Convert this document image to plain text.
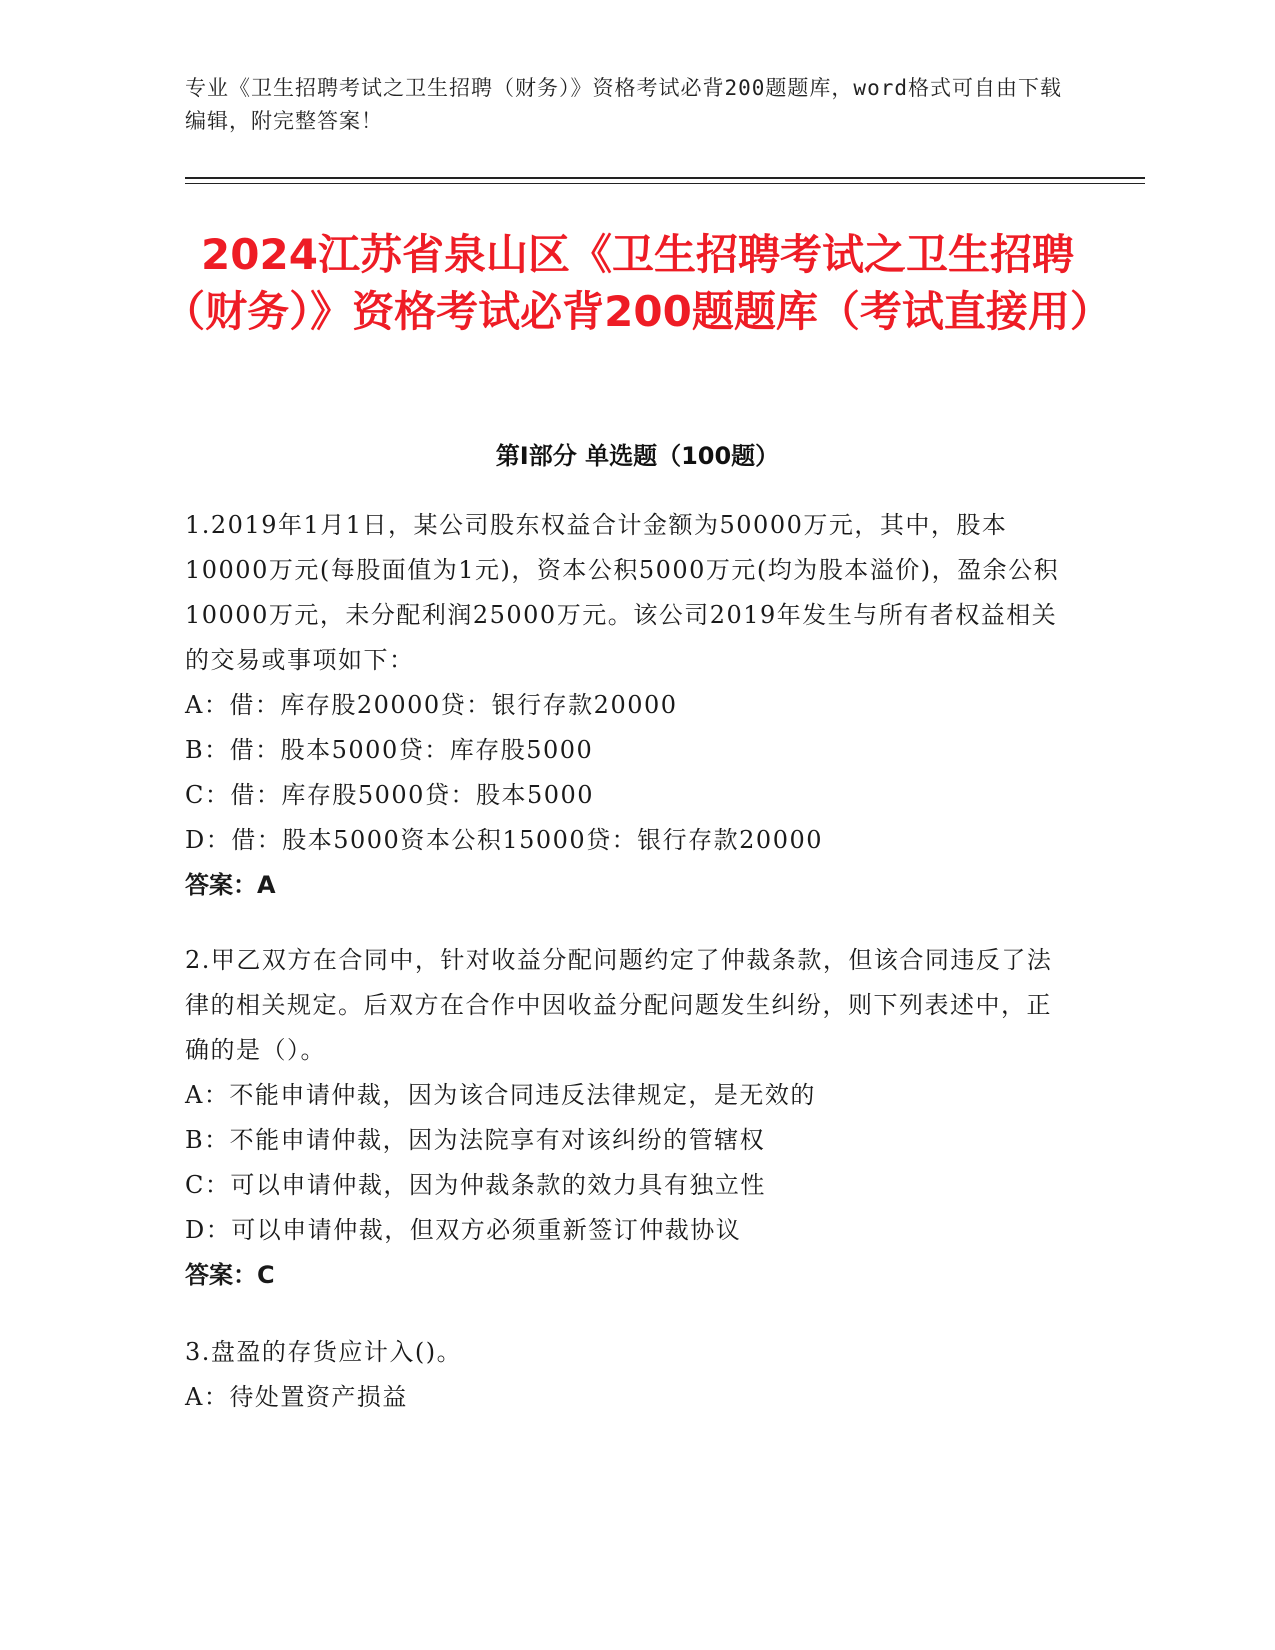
专业《卫生招聘考试之卫生招聘（财务）》资格考试必背200题题库，word格式可自由下载编辑，附完整答案！
2024江苏省泉山区《卫生招聘考试之卫生招聘（财务）》资格考试必背200题题库（考试直接用）
第Ⅰ部分 单选题（100题）

1.2019年1月1日，某公司股东权益合计金额为50000万元，其中，股本10000万元(每股面值为1元)，资本公积5000万元(均为股本溢价)，盈余公积10000万元，未分配利润25000万元。该公司2019年发生与所有者权益相关的交易或事项如下：

A：借：库存股20000贷：银行存款20000

B：借：股本5000贷：库存股5000

C：借：库存股5000贷：股本5000

D：借：股本5000资本公积15000贷：银行存款20000

答案：A

2.甲乙双方在合同中，针对收益分配问题约定了仲裁条款，但该合同违反了法律的相关规定。后双方在合作中因收益分配问题发生纠纷，则下列表述中，正确的是（）。

A：不能申请仲裁，因为该合同违反法律规定，是无效的

B：不能申请仲裁，因为法院享有对该纠纷的管辖权

C：可以申请仲裁，因为仲裁条款的效力具有独立性

D：可以申请仲裁，但双方必须重新签订仲裁协议

答案：C

3.盘盈的存货应计入()。

A：待处置资产损益
